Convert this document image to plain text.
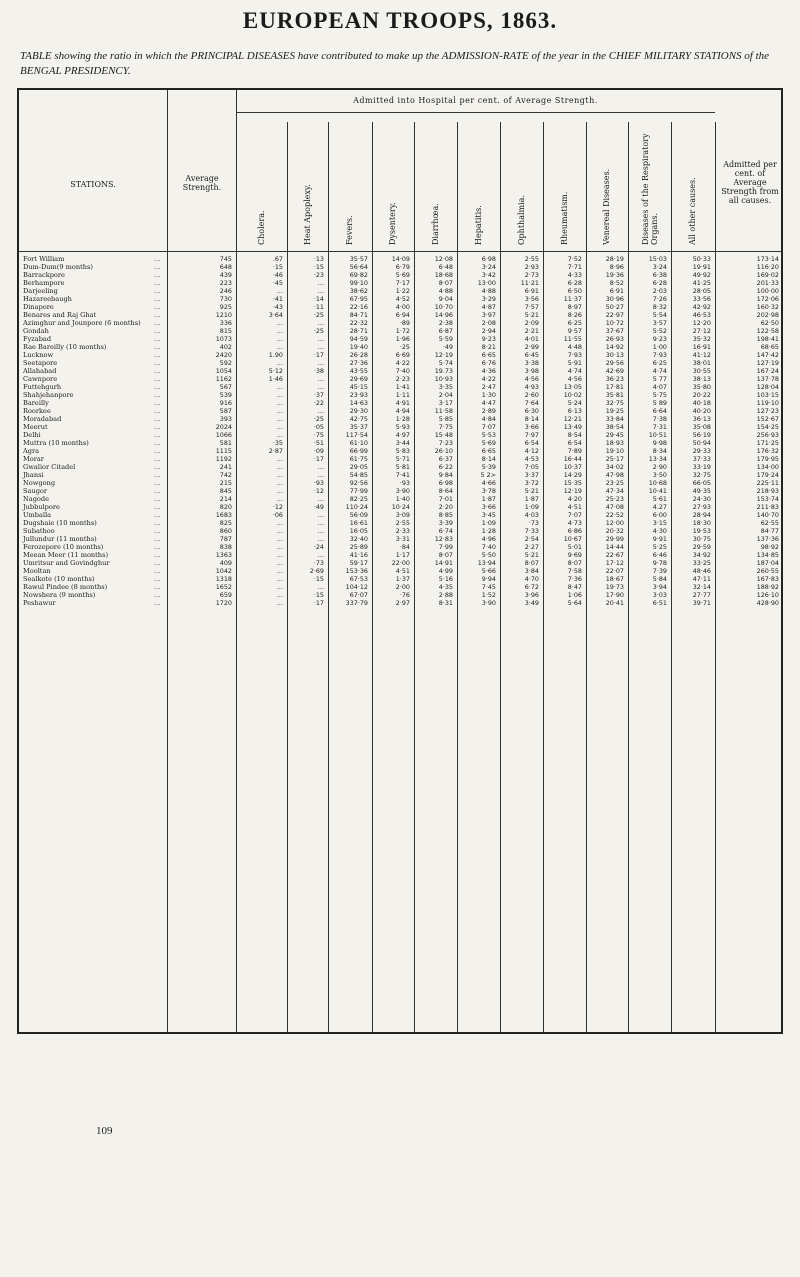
EUROPEAN TROOPS, 1863.
TABLE showing the ratio in which the PRINCIPAL DISEASES have contributed to make up the ADMISSION-RATE of the year in the CHIEF MILITARY STATIONS of the BENGAL PRESIDENCY.
STATIONS.
Average Strength.
Admitted into Hospital per cent. of Average Strength.
Admitted per cent. of Average Strength from all causes.
Cholera.	Heat Apoplexy.	Fevers.	Dysentery.	Diarrhœa.	Hepatitis.	Ophthalmia.	Rheumatism.	Venereal Diseases.	Diseases of the Respiratory Organs.	All other causes.
Fort William	…	745	.67	·13	35·57	14·09	12·08	6·98	2·55	7·52	28·19	15·03	50·33	173·14
Dum-Dum(9 months)	…	648	·15	·15	56·64	6·79	6·48	3·24	2·93	7·71	8·96	3·24	19·91	116·20
Barrackpore	…	439	·46	·23	69·82	5·69	18·68	3·42	2·73	4·33	19·36	6·38	49·92	169·02
Berhampore	…	223	·45	…	99·10	7·17	8·07	13·00	11·21	6·28	8·52	6·28	41·25	201·33
Darjeeling	…	246	…	…	38·62	1·22	4·88	4·88	6·91	6·50	6·91	2·03	28·05	100·00
Hazareebaugh	…	730	·41	·14	67·95	4·52	9·04	3·29	3·56	11·37	30·96	7·26	33·56	172·06
Dinapore	…	925	·43	·11	22·16	4·00	10·70	4·87	7·57	8·97	50·27	8·32	42·92	160·32
Benares and Raj Ghat	…	1210	3·64	·25	84·71	6·94	14·96	3·97	5·21	8·26	22·97	5·54	46·53	202·98
Azimghur and Jounpore (6 months) …	336	…	…	22·32	·89	2·38	2·08	2·09	6·25	10·72	3·57	12·20	62·50
Gondah	…	815	…	·25	28·71	1·72	6·87	2·94	2·21	9·57	37·67	5·52	27·12	122·58
Fyzabad	…	1073	…	…	94·59	1·96	5·59	9·23	4·01	11·55	26·93	9·23	35·32	198·41
Rae Bareilly (10 months)	…	402	…	…	19·40	·25	·49	8·21	2·99	4·48	14·92	1·00	16·91	68·65
Lucknow	…	2420	1.90	·17	26·28	6·69	12·19	6·65	6·45	7·93	30·13	7·93	41·12	147·42
Seetapore	…	592	…	…	27·36	4·22	5·74	6·76	3·38	5·91	29·56	6·25	38·01	127·19
Allahabad	…	1054	5·12	·38	43·55	7·40	19.73	4·36	3·98	4·74	42·69	4·74	30·55	167·24
Cawnpore	…	1162	1·46	…	29·69	2·23	10·93	4·22	4·56	4·56	36·23	5 77	38·13	137·78
Futtehgurh	…	567	…	…	45·15	1·41	3·35	2·47	4·93	13·05	17·81	4·07	35·80	128·04
Shahjehanpore	…	539	…	·37	23·93	1·11	2·04	1·30	2·60	10·02	35·81	5·75	20·22	103·15
Bareilly	…	916	…	·22	14·63	4·91	3·17	4·47	7·64	5·24	32·75	5 89	40·18	119·10
Roorkee	…	587	…	…	29·30	4·94	11·58	2·89	6·30	6·13	19·25	6·64	40·20	127·23
Moradabad	…	393	…	·25	42·75	1·28	5·85	4·84	8·14	12·21	33·84	7·38	36·13	152·67
Meerut	…	2024	…	·05	35·37	5·93	7·75	7·07	3·66	13·49	38·54	7·31	35·08	154·25
Delhi	…	1066	…	·75	117·54	4·97	15·48	5·53	7·97	8·54	29·45	10·51	56·19	256·93
Muttra (10 months)	…	581	·35	·51	61·10	3·44	7·23	5·69	6·54	6·54	18·93	9·98	50·94	171·25
Agra	…	1115	2·87	·09	66·99	5·83	26·10	6·65	4·12	7·89	19·10	8·34	29·33	176·32
Morar	…	1192	…	·17	61·75	5·71	6·37	8·14	4·53	16·44	25·17	13·34	37·33	179·95
Gwalior Citadel	…	241	…	…	29·05	5·81	6·22	5·39	7·05	10·37	34·02	2·90	33·19	134·00
Jhansi	…	742	…	…	54·85	7·41	9·84	5 2>	3·37	14·29	47·98	3·50	32·75	179·24
Nowgong	…	215	…	·93	92·56	·93	6·98	4·66	3·72	15·35	23·25	10·68	66·05	225·11
Saugor	…	845	…	·12	77·99	3·90	8·64	3·78	5·21	12·19	47·34	10·41	49·35	218·93
Nagode	…	214	…	…	82·25	1·40	7·01	1·87	1·87	4·20	25·23	5·61	24·30	153·74
Jubbulpore	…	820	·12	·49	110·24	10·24	2·20	3·66	1·09	4·51	47·08	4.27	27·93	211·83
Umballa	…	1683	·06	…	56·09	3·09	8·85	3·45	4·03	7·07	22·52	6·00	28·94	140·70
Dugshaie (10 months)	…	825	…	…	16·61	2·55	3·39	1·09	·73	4·73	12·00	3·15	18·30	62·55
Subathoo	…	860	…	…	16·05	2·33	6·74	1·28	7·33	6·86	20·32	4·30	19·53	84·77
Jullundur (11 months)	…	787	…	…	32·40	3·31	12·83	4·96	2·54	10·67	29·99	9·91	30·75	137·36
Ferozepore (10 months)	…	838	…	·24	25·89	·84	7·99	7·40	2·27	5·01	14·44	5·25	29·59	98·92
Meean Meer (11 months)	…	1363	…	…	41·16	1·17	8·07	5·50	5·21	9·69	22·67	6·46	34·92	134·85
Umritsur and Govindghur	…	409	…	·73	59·17	22·00	14·91	13·94	8·07	8·07	17·12	9·78	33·25	187·04
Mooltan	…	1042	…	2·69	153·36	4·51	4·99	5·66	3·84	7·58	22·07	7·39	48·46	260·55
Sealkote (10 months)	…	1318	…	·15	67·53	1·37	5·16	9·94	4·70	7·36	18·67	5·84	47·11	167·83
Rawul Pindee (8 months)	…	1652	…	…	104·12	2·00	4·35	7·45	6·72	8·47	19·73	3·94	32·14	188·92
Nowshera (9 months)	…	659	…	·15	67·07	·76	2·88	1·52	3·96	1·06	17·90	3·03	27·77	126·10
Peshawur	…	1720	…	·17	337·79	2·97	8·31	3·90	3·49	5·64	20·41	6·51	39·71	428·90
109
